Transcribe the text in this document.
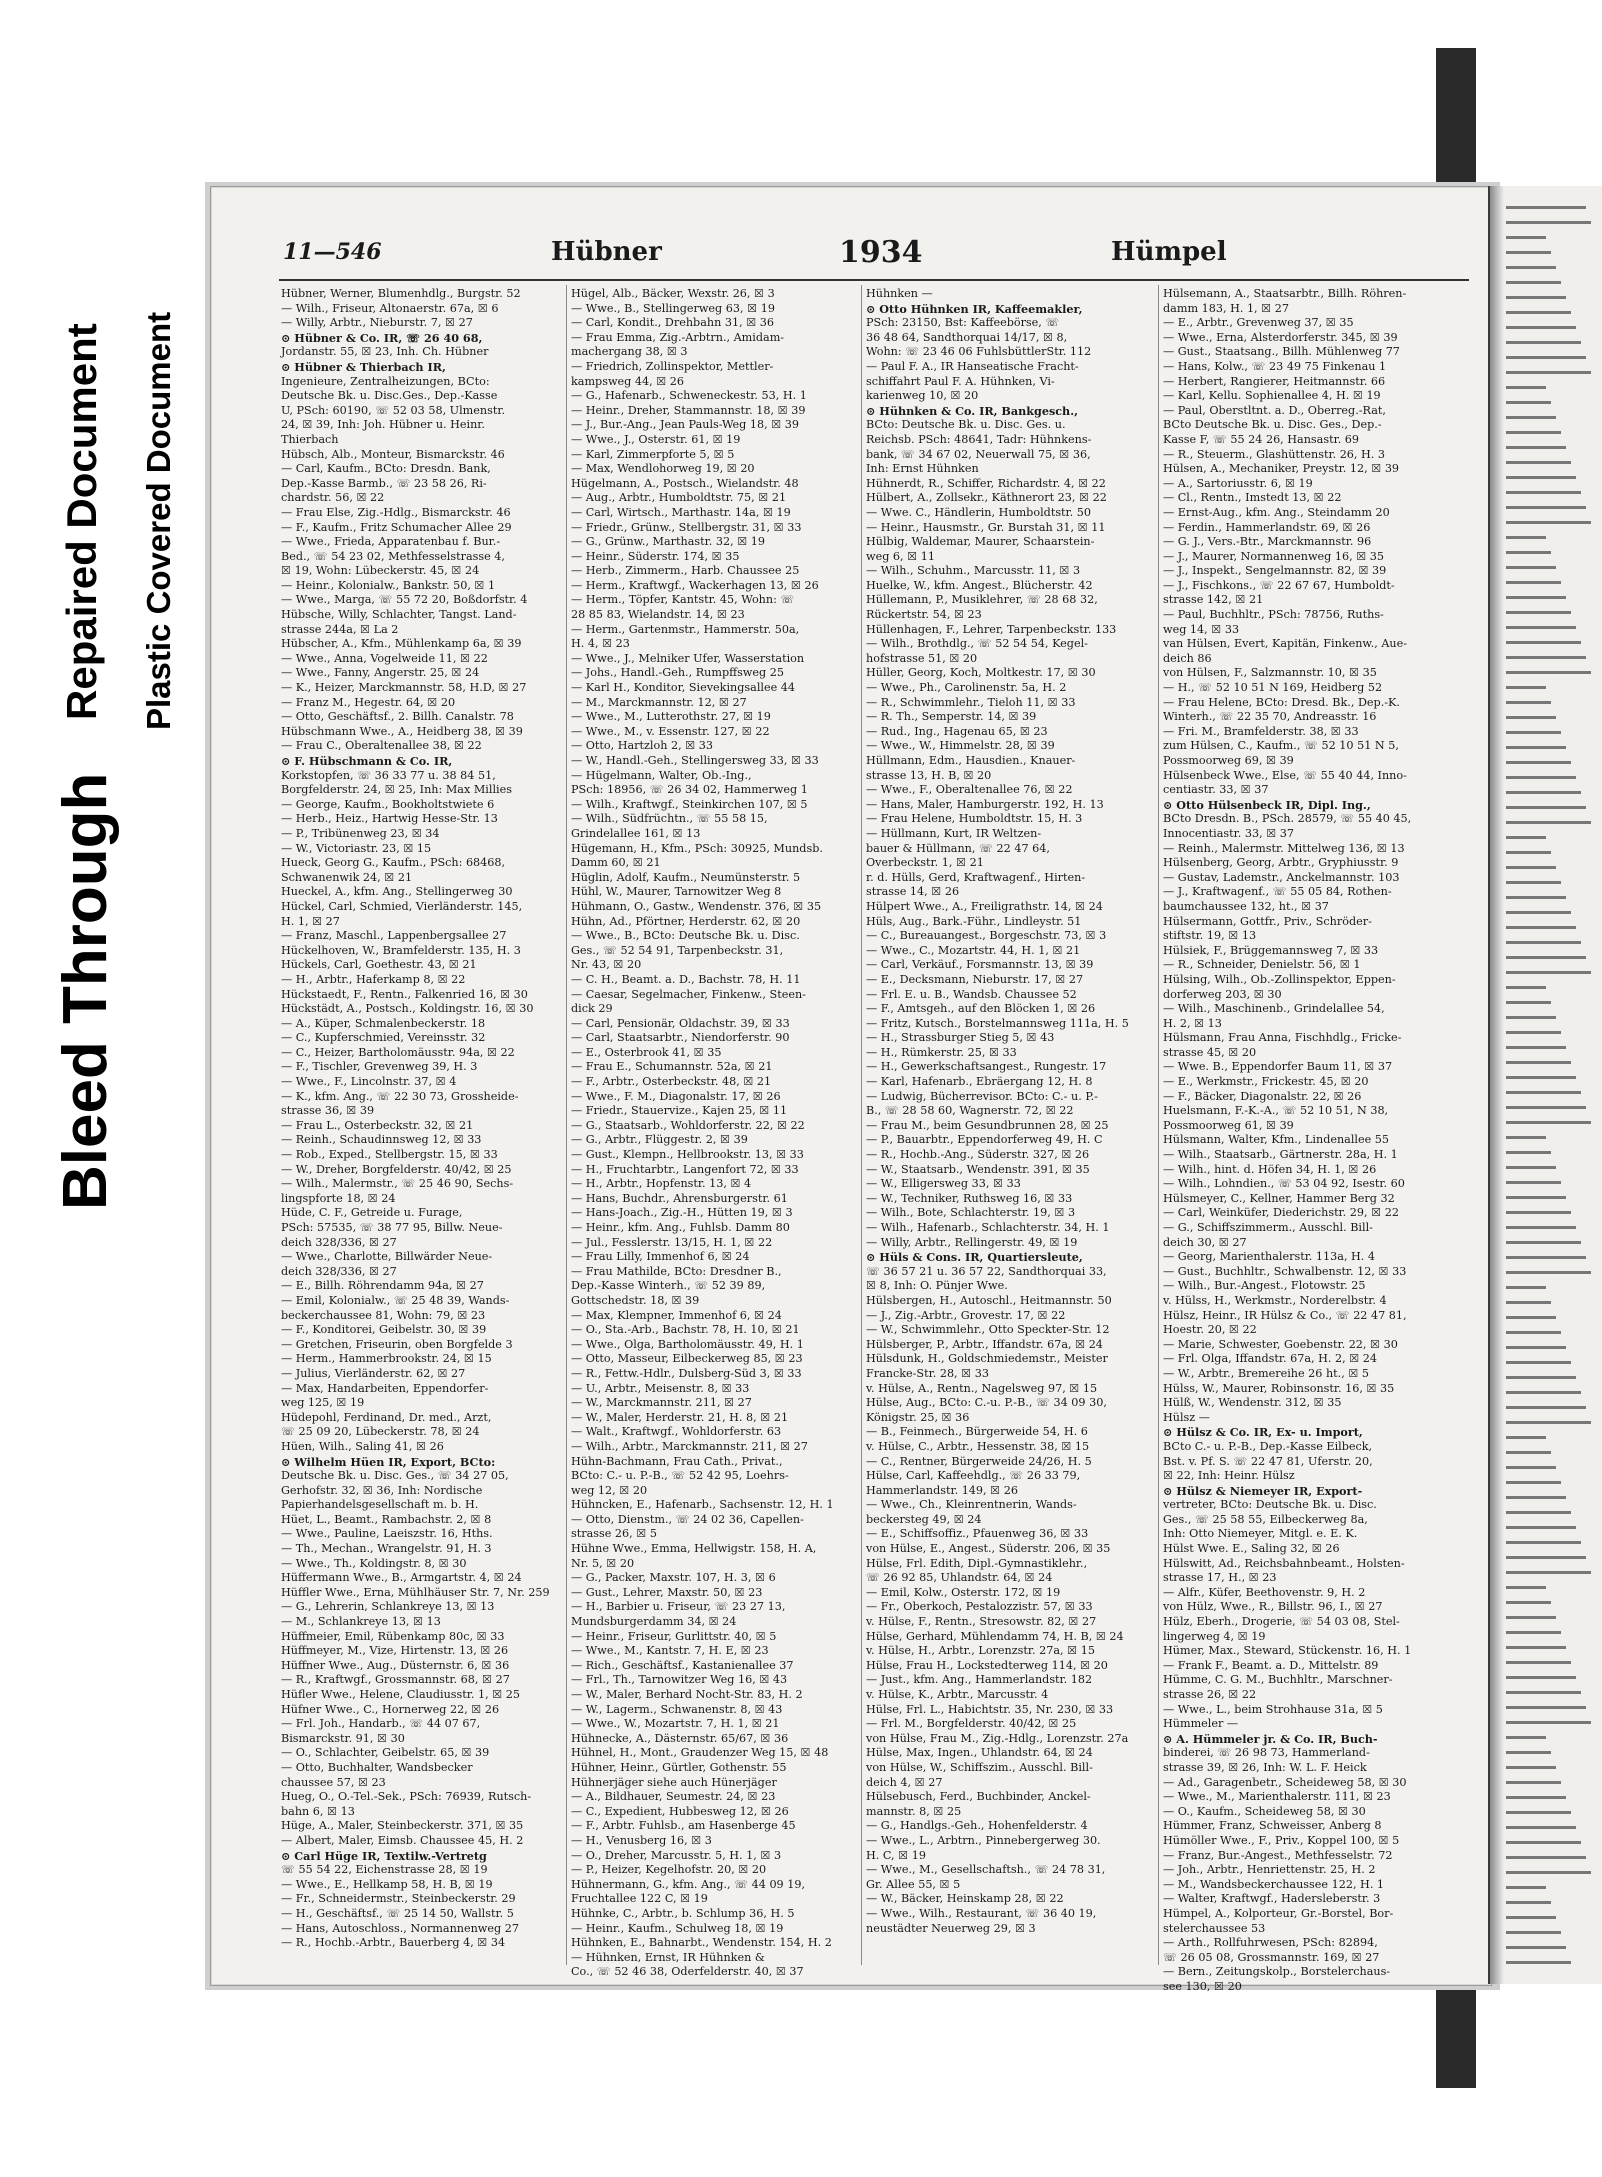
Bleed Through
Repaired Document Plastic Covered Document
11—546	Hübner	1934	Hümpel
Hübner, Werner, Blumenhdlg., Burgstr. 52
— Wilh., Friseur, Altonaerstr. 67a, ☒ 6
— Willy, Arbtr., Nieburstr. 7, ☒ 27
⊙ Hübner & Co. IR, ☏ 26 40 68,
Jordanstr. 55, ☒ 23, Inh. Ch. Hübner
⊙ Hübner & Thierbach IR,
Ingenieure, Zentralheizungen, BCto:
Deutsche Bk. u. Disc.Ges., Dep.-Kasse
U, PSch: 60190, ☏ 52 03 58, Ulmenstr.
24, ☒ 39, Inh: Joh. Hübner u. Heinr.
Thierbach
Hübsch, Alb., Monteur, Bismarckstr. 46
— Carl, Kaufm., BCto: Dresdn. Bank,
Dep.-Kasse Barmb., ☏ 23 58 26, Ri-
chardstr. 56, ☒ 22
— Frau Else, Zig.-Hdlg., Bismarckstr. 46
— F., Kaufm., Fritz Schumacher Allee 29
— Wwe., Frieda, Apparatenbau f. Bur.-
Bed., ☏ 54 23 02, Methfesselstrasse 4,
☒ 19, Wohn: Lübeckerstr. 45, ☒ 24
— Heinr., Kolonialw., Bankstr. 50, ☒ 1
— Wwe., Marga, ☏ 55 72 20, Boßdorfstr. 4
Hübsche, Willy, Schlachter, Tangst. Land-
strasse 244a, ☒ La 2
Hübscher, A., Kfm., Mühlenkamp 6a, ☒ 39
— Wwe., Anna, Vogelweide 11, ☒ 22
— Wwe., Fanny, Angerstr. 25, ☒ 24
— K., Heizer, Marckmannstr. 58, H.D, ☒ 27
— Franz M., Hegestr. 64, ☒ 20
— Otto, Geschäftsf., 2. Billh. Canalstr. 78
Hübschmann Wwe., A., Heidberg 38, ☒ 39
— Frau C., Oberaltenallee 38, ☒ 22
⊙ F. Hübschmann & Co. IR,
Korkstopfen, ☏ 36 33 77 u. 38 84 51,
Borgfelderstr. 24, ☒ 25, Inh: Max Millies
— George, Kaufm., Bookholtstwiete 6
— Herb., Heiz., Hartwig Hesse-Str. 13
— P., Tribünenweg 23, ☒ 34
— W., Victoriastr. 23, ☒ 15
Hueck, Georg G., Kaufm., PSch: 68468,
Schwanenwik 24, ☒ 21
Hueckel, A., kfm. Ang., Stellingerweg 30
Hückel, Carl, Schmied, Vierländerstr. 145,
H. 1, ☒ 27
— Franz, Maschl., Lappenbergsallee 27
Hückelhoven, W., Bramfelderstr. 135, H. 3
Hückels, Carl, Goethestr. 43, ☒ 21
— H., Arbtr., Haferkamp 8, ☒ 22
Hückstaedt, F., Rentn., Falkenried 16, ☒ 30
Hückstädt, A., Postsch., Koldingstr. 16, ☒ 30
— A., Küper, Schmalenbeckerstr. 18
— C., Kupferschmied, Vereinsstr. 32
— C., Heizer, Bartholomäusstr. 94a, ☒ 22
— F., Tischler, Grevenweg 39, H. 3
— Wwe., F., Lincolnstr. 37, ☒ 4
— K., kfm. Ang., ☏ 22 30 73, Grossheide-
strasse 36, ☒ 39
— Frau L., Osterbeckstr. 32, ☒ 21
— Reinh., Schaudinnsweg 12, ☒ 33
— Rob., Exped., Stellbergstr. 15, ☒ 33
— W., Dreher, Borgfelderstr. 40/42, ☒ 25
— Wilh., Malermstr., ☏ 25 46 90, Sechs-
lingspforte 18, ☒ 24
Hüde, C. F., Getreide u. Furage,
PSch: 57535, ☏ 38 77 95, Billw. Neue-
deich 328/336, ☒ 27
— Wwe., Charlotte, Billwärder Neue-
deich 328/336, ☒ 27
— E., Billh. Röhrendamm 94a, ☒ 27
— Emil, Kolonialw., ☏ 25 48 39, Wands-
beckerchaussee 81, Wohn: 79, ☒ 23
— F., Konditorei, Geibelstr. 30, ☒ 39
— Gretchen, Friseurin, oben Borgfelde 3
— Herm., Hammerbrookstr. 24, ☒ 15
— Julius, Vierländerstr. 62, ☒ 27
— Max, Handarbeiten, Eppendorfer-
weg 125, ☒ 19
Hüdepohl, Ferdinand, Dr. med., Arzt,
☏ 25 09 20, Lübeckerstr. 78, ☒ 24
Hüen, Wilh., Saling 41, ☒ 26
⊙ Wilhelm Hüen IR, Export, BCto:
Deutsche Bk. u. Disc. Ges., ☏ 34 27 05,
Gerhofstr. 32, ☒ 36, Inh: Nordische
Papierhandelsgesellschaft m. b. H.
Hüet, L., Beamt., Rambachstr. 2, ☒ 8
— Wwe., Pauline, Laeiszstr. 16, Hths.
— Th., Mechan., Wrangelstr. 91, H. 3
— Wwe., Th., Koldingstr. 8, ☒ 30
Hüffermann Wwe., B., Armgartstr. 4, ☒ 24
Hüffler Wwe., Erna, Mühlhäuser Str. 7, Nr. 259
— G., Lehrerin, Schlankreye 13, ☒ 13
— M., Schlankreye 13, ☒ 13
Hüffmeier, Emil, Rübenkamp 80c, ☒ 33
Hüffmeyer, M., Vize, Hirtenstr. 13, ☒ 26
Hüffner Wwe., Aug., Düsternstr. 6, ☒ 36
— R., Kraftwgf., Grossmannstr. 68, ☒ 27
Hüfler Wwe., Helene, Claudiusstr. 1, ☒ 25
Hüfner Wwe., C., Hornerweg 22, ☒ 26
— Frl. Joh., Handarb., ☏ 44 07 67,
Bismarckstr. 91, ☒ 30
— O., Schlachter, Geibelstr. 65, ☒ 39
— Otto, Buchhalter, Wandsbecker
chaussee 57, ☒ 23
Hueg, O., O.-Tel.-Sek., PSch: 76939, Rutsch-
bahn 6, ☒ 13
Hüge, A., Maler, Steinbeckerstr. 371, ☒ 35
— Albert, Maler, Eimsb. Chaussee 45, H. 2
⊙ Carl Hüge IR, Textilw.-Vertretg
☏ 55 54 22, Eichenstrasse 28, ☒ 19
— Wwe., E., Hellkamp 58, H. B, ☒ 19
— Fr., Schneidermstr., Steinbeckerstr. 29
— H., Geschäftsf., ☏ 25 14 50, Wallstr. 5
— Hans, Autoschloss., Normannenweg 27
— R., Hochb.-Arbtr., Bauerberg 4, ☒ 34
Hügel, Alb., Bäcker, Wexstr. 26, ☒ 3
— Wwe., B., Stellingerweg 63, ☒ 19
— Carl, Kondit., Drehbahn 31, ☒ 36
— Frau Emma, Zig.-Arbtrn., Amidam-
machergang 38, ☒ 3
— Friedrich, Zollinspektor, Mettler-
kampsweg 44, ☒ 26
— G., Hafenarb., Schweneckestr. 53, H. 1
— Heinr., Dreher, Stammannstr. 18, ☒ 39
— J., Bur.-Ang., Jean Pauls-Weg 18, ☒ 39
— Wwe., J., Osterstr. 61, ☒ 19
— Karl, Zimmerpforte 5, ☒ 5
— Max, Wendlohorweg 19, ☒ 20
Hügelmann, A., Postsch., Wielandstr. 48
— Aug., Arbtr., Humboldtstr. 75, ☒ 21
— Carl, Wirtsch., Marthastr. 14a, ☒ 19
— Friedr., Grünw., Stellbergstr. 31, ☒ 33
— G., Grünw., Marthastr. 32, ☒ 19
— Heinr., Süderstr. 174, ☒ 35
— Herb., Zimmerm., Harb. Chaussee 25
— Herm., Kraftwgf., Wackerhagen 13, ☒ 26
— Herm., Töpfer, Kantstr. 45, Wohn: ☏
28 85 83, Wielandstr. 14, ☒ 23
— Herm., Gartenmstr., Hammerstr. 50a,
H. 4, ☒ 23
— Wwe., J., Melniker Ufer, Wasserstation
— Johs., Handl.-Geh., Rumpffsweg 25
— Karl H., Konditor, Sievekingsallee 44
— M., Marckmannstr. 12, ☒ 27
— Wwe., M., Lutterothstr. 27, ☒ 19
— Wwe., M., v. Essenstr. 127, ☒ 22
— Otto, Hartzloh 2, ☒ 33
— W., Handl.-Geh., Stellingersweg 33, ☒ 33
— Hügelmann, Walter, Ob.-Ing.,
PSch: 18956, ☏ 26 34 02, Hammerweg 1
— Wilh., Kraftwgf., Steinkirchen 107, ☒ 5
— Wilh., Südfrüchtn., ☏ 55 58 15,
Grindelallee 161, ☒ 13
Hügemann, H., Kfm., PSch: 30925, Mundsb.
Damm 60, ☒ 21
Hüglin, Adolf, Kaufm., Neumünsterstr. 5
Hühl, W., Maurer, Tarnowitzer Weg 8
Hühmann, O., Gastw., Wendenstr. 376, ☒ 35
Hühn, Ad., Pförtner, Herderstr. 62, ☒ 20
— Wwe., B., BCto: Deutsche Bk. u. Disc.
Ges., ☏ 52 54 91, Tarpenbeckstr. 31,
Nr. 43, ☒ 20
— C. H., Beamt. a. D., Bachstr. 78, H. 11
— Caesar, Segelmacher, Finkenw., Steen-
dick 29
— Carl, Pensionär, Oldachstr. 39, ☒ 33
— Carl, Staatsarbtr., Niendorferstr. 90
— E., Osterbrook 41, ☒ 35
— Frau E., Schumannstr. 52a, ☒ 21
— F., Arbtr., Osterbeckstr. 48, ☒ 21
— Wwe., F. M., Diagonalstr. 17, ☒ 26
— Friedr., Stauervize., Kajen 25, ☒ 11
— G., Staatsarb., Wohldorferstr. 22, ☒ 22
— G., Arbtr., Flüggestr. 2, ☒ 39
— Gust., Klempn., Hellbrookstr. 13, ☒ 33
— H., Fruchtarbtr., Langenfort 72, ☒ 33
— H., Arbtr., Hopfenstr. 13, ☒ 4
— Hans, Buchdr., Ahrensburgerstr. 61
— Hans-Joach., Zig.-H., Hütten 19, ☒ 3
— Heinr., kfm. Ang., Fuhlsb. Damm 80
— Jul., Fesslerstr. 13/15, H. 1, ☒ 22
— Frau Lilly, Immenhof 6, ☒ 24
— Frau Mathilde, BCto: Dresdner B.,
Dep.-Kasse Winterh., ☏ 52 39 89,
Gottschedstr. 18, ☒ 39
— Max, Klempner, Immenhof 6, ☒ 24
— O., Sta.-Arb., Bachstr. 78, H. 10, ☒ 21
— Wwe., Olga, Bartholomäusstr. 49, H. 1
— Otto, Masseur, Eilbeckerweg 85, ☒ 23
— R., Fettw.-Hdlr., Dulsberg-Süd 3, ☒ 33
— U., Arbtr., Meisenstr. 8, ☒ 33
— W., Marckmannstr. 211, ☒ 27
— W., Maler, Herderstr. 21, H. 8, ☒ 21
— Walt., Kraftwgf., Wohldorferstr. 63
— Wilh., Arbtr., Marckmannstr. 211, ☒ 27
Hühn-Bachmann, Frau Cath., Privat.,
BCto: C.- u. P.-B., ☏ 52 42 95, Loehrs-
weg 12, ☒ 20
Hühncken, E., Hafenarb., Sachsenstr. 12, H. 1
— Otto, Dienstm., ☏ 24 02 36, Capellen-
strasse 26, ☒ 5
Hühne Wwe., Emma, Hellwigstr. 158, H. A,
Nr. 5, ☒ 20
— G., Packer, Maxstr. 107, H. 3, ☒ 6
— Gust., Lehrer, Maxstr. 50, ☒ 23
— H., Barbier u. Friseur, ☏ 23 27 13,
Mundsburgerdamm 34, ☒ 24
— Heinr., Friseur, Gurlittstr. 40, ☒ 5
— Wwe., M., Kantstr. 7, H. E, ☒ 23
— Rich., Geschäftsf., Kastanienallee 37
— Frl., Th., Tarnowitzer Weg 16, ☒ 43
— W., Maler, Berhard Nocht-Str. 83, H. 2
— W., Lagerm., Schwanenstr. 8, ☒ 43
— Wwe., W., Mozartstr. 7, H. 1, ☒ 21
Hühnecke, A., Dästernstr. 65/67, ☒ 36
Hühnel, H., Mont., Graudenzer Weg 15, ☒ 48
Hühner, Heinr., Gürtler, Gothenstr. 55
Hühnerjäger siehe auch Hünerjäger
— A., Bildhauer, Seumestr. 24, ☒ 23
— C., Expedient, Hubbesweg 12, ☒ 26
— F., Arbtr. Fuhlsb., am Hasenberge 45
— H., Venusberg 16, ☒ 3
— O., Dreher, Marcusstr. 5, H. 1, ☒ 3
— P., Heizer, Kegelhofstr. 20, ☒ 20
Hühnermann, G., kfm. Ang., ☏ 44 09 19,
Fruchtallee 122 C, ☒ 19
Hühnke, C., Arbtr., b. Schlump 36, H. 5
— Heinr., Kaufm., Schulweg 18, ☒ 19
Hühnken, E., Bahnarbt., Wendenstr. 154, H. 2
— Hühnken, Ernst, IR Hühnken &
Co., ☏ 52 46 38, Oderfelderstr. 40, ☒ 37
Hühnken —
⊙ Otto Hühnken IR, Kaffeemakler,
PSch: 23150, Bst: Kaffeebörse, ☏
36 48 64, Sandthorquai 14/17, ☒ 8,
Wohn: ☏ 23 46 06 FuhlsbüttlerStr. 112
— Paul F. A., IR Hanseatische Fracht-
schiffahrt Paul F. A. Hühnken, Vi-
karienweg 10, ☒ 20
⊙ Hühnken & Co. IR, Bankgesch.,
BCto: Deutsche Bk. u. Disc. Ges. u.
Reichsb. PSch: 48641, Tadr: Hühnkens-
bank, ☏ 34 67 02, Neuerwall 75, ☒ 36,
Inh: Ernst Hühnken
Hühnerdt, R., Schiffer, Richardstr. 4, ☒ 22
Hülbert, A., Zollsekr., Käthnerort 23, ☒ 22
— Wwe. C., Händlerin, Humboldtstr. 50
— Heinr., Hausmstr., Gr. Burstah 31, ☒ 11
Hülbig, Waldemar, Maurer, Schaarstein-
weg 6, ☒ 11
— Wilh., Schuhm., Marcusstr. 11, ☒ 3
Huelke, W., kfm. Angest., Blücherstr. 42
Hüllemann, P., Musiklehrer, ☏ 28 68 32,
Rückertstr. 54, ☒ 23
Hüllenhagen, F., Lehrer, Tarpenbeckstr. 133
— Wilh., Brothdlg., ☏ 52 54 54, Kegel-
hofstrasse 51, ☒ 20
Hüller, Georg, Koch, Moltkestr. 17, ☒ 30
— Wwe., Ph., Carolinenstr. 5a, H. 2
— R., Schwimmlehr., Tieloh 11, ☒ 33
— R. Th., Semperstr. 14, ☒ 39
— Rud., Ing., Hagenau 65, ☒ 23
— Wwe., W., Himmelstr. 28, ☒ 39
Hüllmann, Edm., Hausdien., Knauer-
strasse 13, H. B, ☒ 20
— Wwe., F., Oberaltenallee 76, ☒ 22
— Hans, Maler, Hamburgerstr. 192, H. 13
— Frau Helene, Humboldtstr. 15, H. 3
— Hüllmann, Kurt, IR Weltzen-
bauer & Hüllmann, ☏ 22 47 64,
Overbeckstr. 1, ☒ 21
r. d. Hülls, Gerd, Kraftwagenf., Hirten-
strasse 14, ☒ 26
Hülpert Wwe., A., Freiligrathstr. 14, ☒ 24
Hüls, Aug., Bark.-Führ., Lindleystr. 51
— C., Bureauangest., Borgeschstr. 73, ☒ 3
— Wwe., C., Mozartstr. 44, H. 1, ☒ 21
— Carl, Verkäuf., Forsmannstr. 13, ☒ 39
— E., Decksmann, Nieburstr. 17, ☒ 27
— Frl. E. u. B., Wandsb. Chaussee 52
— F., Amtsgeh., auf den Blöcken 1, ☒ 26
— Fritz, Kutsch., Borstelmannsweg 111a, H. 5
— H., Strassburger Stieg 5, ☒ 43
— H., Rümkerstr. 25, ☒ 33
— H., Gewerkschaftsangest., Rungestr. 17
— Karl, Hafenarb., Ebräergang 12, H. 8
— Ludwig, Bücherrevisor. BCto: C.- u. P.-
B., ☏ 28 58 60, Wagnerstr. 72, ☒ 22
— Frau M., beim Gesundbrunnen 28, ☒ 25
— P., Bauarbtr., Eppendorferweg 49, H. C
— R., Hochb.-Ang., Süderstr. 327, ☒ 26
— W., Staatsarb., Wendenstr. 391, ☒ 35
— W., Elligersweg 33, ☒ 33
— W., Techniker, Ruthsweg 16, ☒ 33
— Wilh., Bote, Schlachterstr. 19, ☒ 3
— Wilh., Hafenarb., Schlachterstr. 34, H. 1
— Willy, Arbtr., Rellingerstr. 49, ☒ 19
⊙ Hüls & Cons. IR, Quartiersleute,
☏ 36 57 21 u. 36 57 22, Sandthorquai 33,
☒ 8, Inh: O. Pünjer Wwe.
Hülsbergen, H., Autoschl., Heitmannstr. 50
— J., Zig.-Arbtr., Grovestr. 17, ☒ 22
— W., Schwimmlehr., Otto Speckter-Str. 12
Hülsberger, P., Arbtr., Iffandstr. 67a, ☒ 24
Hülsdunk, H., Goldschmiedemstr., Meister
Francke-Str. 28, ☒ 33
v. Hülse, A., Rentn., Nagelsweg 97, ☒ 15
Hülse, Aug., BCto: C.-u. P.-B., ☏ 34 09 30,
Königstr. 25, ☒ 36
— B., Feinmech., Bürgerweide 54, H. 6
v. Hülse, C., Arbtr., Hessenstr. 38, ☒ 15
— C., Rentner, Bürgerweide 24/26, H. 5
Hülse, Carl, Kaffeehdlg., ☏ 26 33 79,
Hammerlandstr. 149, ☒ 26
— Wwe., Ch., Kleinrentnerin, Wands-
beckersteg 49, ☒ 24
— E., Schiffsoffiz., Pfauenweg 36, ☒ 33
von Hülse, E., Angest., Süderstr. 206, ☒ 35
Hülse, Frl. Edith, Dipl.-Gymnastiklehr.,
☏ 26 92 85, Uhlandstr. 64, ☒ 24
— Emil, Kolw., Osterstr. 172, ☒ 19
— Fr., Oberkoch, Pestalozzistr. 57, ☒ 33
v. Hülse, F., Rentn., Stresowstr. 82, ☒ 27
Hülse, Gerhard, Mühlendamm 74, H. B, ☒ 24
v. Hülse, H., Arbtr., Lorenzstr. 27a, ☒ 15
Hülse, Frau H., Lockstedterweg 114, ☒ 20
— Just., kfm. Ang., Hammerlandstr. 182
v. Hülse, K., Arbtr., Marcusstr. 4
Hülse, Frl. L., Habichtstr. 35, Nr. 230, ☒ 33
— Frl. M., Borgfelderstr. 40/42, ☒ 25
von Hülse, Frau M., Zig.-Hdlg., Lorenzstr. 27a
Hülse, Max, Ingen., Uhlandstr. 64, ☒ 24
von Hülse, W., Schiffszim., Ausschl. Bill-
deich 4, ☒ 27
Hülsebusch, Ferd., Buchbinder, Anckel-
mannstr. 8, ☒ 25
— G., Handlgs.-Geh., Hohenfelderstr. 4
— Wwe., L., Arbtrn., Pinnebergerweg 30.
H. C, ☒ 19
— Wwe., M., Gesellschaftsh., ☏ 24 78 31,
Gr. Allee 55, ☒ 5
— W., Bäcker, Heinskamp 28, ☒ 22
— Wwe., Wilh., Restaurant, ☏ 36 40 19,
neustädter Neuerweg 29, ☒ 3
Hülsemann, A., Staatsarbtr., Billh. Röhren-
damm 183, H. 1, ☒ 27
— E., Arbtr., Grevenweg 37, ☒ 35
— Wwe., Erna, Alsterdorferstr. 345, ☒ 39
— Gust., Staatsang., Billh. Mühlenweg 77
— Hans, Kolw., ☏ 23 49 75 Finkenau 1
— Herbert, Rangierer, Heitmannstr. 66
— Karl, Kellu. Sophienallee 4, H. ☒ 19
— Paul, Oberstltnt. a. D., Oberreg.-Rat,
BCto Deutsche Bk. u. Disc. Ges., Dep.-
Kasse F, ☏ 55 24 26, Hansastr. 69
— R., Steuerm., Glashüttenstr. 26, H. 3
Hülsen, A., Mechaniker, Preystr. 12, ☒ 39
— A., Sartoriusstr. 6, ☒ 19
— Cl., Rentn., Imstedt 13, ☒ 22
— Ernst-Aug., kfm. Ang., Steindamm 20
— Ferdin., Hammerlandstr. 69, ☒ 26
— G. J., Vers.-Btr., Marckmannstr. 96
— J., Maurer, Normannenweg 16, ☒ 35
— J., Inspekt., Sengelmannstr. 82, ☒ 39
— J., Fischkons., ☏ 22 67 67, Humboldt-
strasse 142, ☒ 21
— Paul, Buchhltr., PSch: 78756, Ruths-
weg 14, ☒ 33
van Hülsen, Evert, Kapitän, Finkenw., Aue-
deich 86
von Hülsen, F., Salzmannstr. 10, ☒ 35
— H., ☏ 52 10 51 N 169, Heidberg 52
— Frau Helene, BCto: Dresd. Bk., Dep.-K.
Winterh., ☏ 22 35 70, Andreasstr. 16
— Fri. M., Bramfelderstr. 38, ☒ 33
zum Hülsen, C., Kaufm., ☏ 52 10 51 N 5,
Possmoorweg 69, ☒ 39
Hülsenbeck Wwe., Else, ☏ 55 40 44, Inno-
centiastr. 33, ☒ 37
⊙ Otto Hülsenbeck IR, Dipl. Ing.,
BCto Dresdn. B., PSch. 28579, ☏ 55 40 45,
Innocentiastr. 33, ☒ 37
— Reinh., Malermstr. Mittelweg 136, ☒ 13
Hülsenberg, Georg, Arbtr., Gryphiusstr. 9
— Gustav, Lademstr., Anckelmannstr. 103
— J., Kraftwagenf., ☏ 55 05 84, Rothen-
baumchaussee 132, ht., ☒ 37
Hülsermann, Gottfr., Priv., Schröder-
stiftstr. 19, ☒ 13
Hülsiek, F., Brüggemannsweg 7, ☒ 33
— R., Schneider, Denielstr. 56, ☒ 1
Hülsing, Wilh., Ob.-Zollinspektor, Eppen-
dorferweg 203, ☒ 30
— Wilh., Maschinenb., Grindelallee 54,
H. 2, ☒ 13
Hülsmann, Frau Anna, Fischhdlg., Fricke-
strasse 45, ☒ 20
— Wwe. B., Eppendorfer Baum 11, ☒ 37
— E., Werkmstr., Frickestr. 45, ☒ 20
— F., Bäcker, Diagonalstr. 22, ☒ 26
Huelsmann, F.-K.-A., ☏ 52 10 51, N 38,
Possmoorweg 61, ☒ 39
Hülsmann, Walter, Kfm., Lindenallee 55
— Wilh., Staatsarb., Gärtnerstr. 28a, H. 1
— Wilh., hint. d. Höfen 34, H. 1, ☒ 26
— Wilh., Lohndien., ☏ 53 04 92, Isestr. 60
Hülsmeyer, C., Kellner, Hammer Berg 32
— Carl, Weinküfer, Diederichstr. 29, ☒ 22
— G., Schiffszimmerm., Ausschl. Bill-
deich 30, ☒ 27
— Georg, Marienthalerstr. 113a, H. 4
— Gust., Buchhltr., Schwalbenstr. 12, ☒ 33
— Wilh., Bur.-Angest., Flotowstr. 25
v. Hülss, H., Werkmstr., Norderelbstr. 4
Hülsz, Heinr., IR Hülsz & Co., ☏ 22 47 81,
Hoestr. 20, ☒ 22
— Marie, Schwester, Goebenstr. 22, ☒ 30
— Frl. Olga, Iffandstr. 67a, H. 2, ☒ 24
— W., Arbtr., Bremereihe 26 ht., ☒ 5
Hülss, W., Maurer, Robinsonstr. 16, ☒ 35
Hülß, W., Wendenstr. 312, ☒ 35
Hülsz —
⊙ Hülsz & Co. IR, Ex- u. Import,
BCto C.- u. P.-B., Dep.-Kasse Eilbeck,
Bst. v. Pf. S. ☏ 22 47 81, Uferstr. 20,
☒ 22, Inh: Heinr. Hülsz
⊙ Hülsz & Niemeyer IR, Export-
vertreter, BCto: Deutsche Bk. u. Disc.
Ges., ☏ 25 58 55, Eilbeckerweg 8a,
Inh: Otto Niemeyer, Mitgl. e. E. K.
Hülst Wwe. E., Saling 32, ☒ 26
Hülswitt, Ad., Reichsbahnbeamt., Holsten-
strasse 17, H., ☒ 23
— Alfr., Küfer, Beethovenstr. 9, H. 2
von Hülz, Wwe., R., Billstr. 96, I., ☒ 27
Hülz, Eberh., Drogerie, ☏ 54 03 08, Stel-
lingerweg 4, ☒ 19
Hümer, Max., Steward, Stückenstr. 16, H. 1
— Frank F., Beamt. a. D., Mittelstr. 89
Hümme, C. G. M., Buchhltr., Marschner-
strasse 26, ☒ 22
— Wwe., L., beim Strohhause 31a, ☒ 5
Hümmeler —
⊙ A. Hümmeler jr. & Co. IR, Buch-
binderei, ☏ 26 98 73, Hammerland-
strasse 39, ☒ 26, Inh: W. L. F. Heick
— Ad., Garagenbetr., Scheideweg 58, ☒ 30
— Wwe., M., Marienthalerstr. 111, ☒ 23
— O., Kaufm., Scheideweg 58, ☒ 30
Hümmer, Franz, Schweisser, Anberg 8
Hümöller Wwe., F., Priv., Koppel 100, ☒ 5
— Franz, Bur.-Angest., Methfesselstr. 72
— Joh., Arbtr., Henriettenstr. 25, H. 2
— M., Wandsbeckerchaussee 122, H. 1
— Walter, Kraftwgf., Hadersleberstr. 3
Hümpel, A., Kolporteur, Gr.-Borstel, Bor-
stelerchaussee 53
— Arth., Rollfuhrwesen, PSch: 82894,
☏ 26 05 08, Grossmannstr. 169, ☒ 27
— Bern., Zeitungskolp., Borstelerchaus-
see 130, ☒ 20
